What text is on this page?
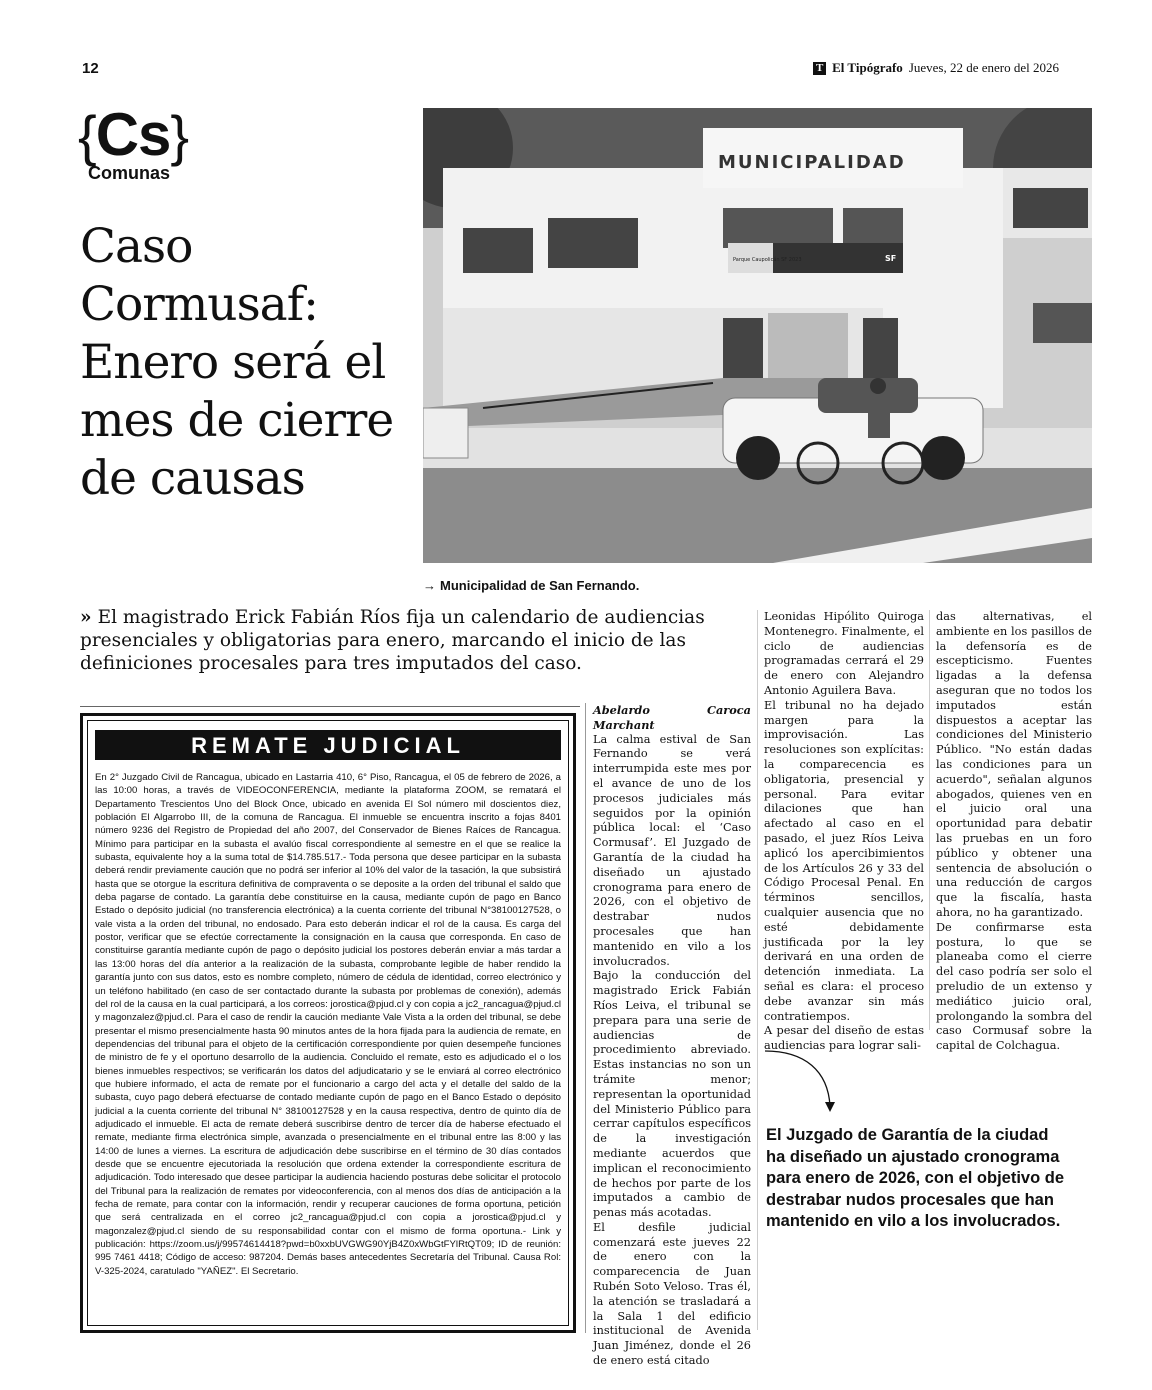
12	T El Tipógrafo Jueves, 22 de enero del 2026
{Cs}
Comunas
Caso Cormusaf: Enero será el mes de cierre de causas
MUNICIPALIDAD
Parque Caupolicán SF 2023	SF
→ Municipalidad de San Fernando.
» El magistrado Erick Fabián Ríos fija un calendario de audiencias presenciales y obligatorias para enero, marcando el inicio de las definiciones procesales para tres imputados del caso.
REMATE JUDICIAL
En 2° Juzgado Civil de Rancagua, ubicado en Lastarria 410, 6° Piso, Rancagua, el 05 de febrero de 2026, a las 10:00 horas, a través de VIDEOCONFERENCIA, mediante la plataforma ZOOM, se rematará el Departamento Trescientos Uno del Block Once, ubicado en avenida El Sol número mil doscientos diez, población El Algarrobo III, de la comuna de Rancagua. El inmueble se encuentra inscrito a fojas 8401 número 9236 del Registro de Propiedad del año 2007, del Conservador de Bienes Raíces de Rancagua. Mínimo para participar en la subasta el avalúo fiscal correspondiente al semestre en el que se realice la subasta, equivalente hoy a la suma total de $14.785.517.- Toda persona que desee participar en la subasta deberá rendir previamente caución que no podrá ser inferior al 10% del valor de la tasación, la que subsistirá hasta que se otorgue la escritura definitiva de compraventa o se deposite a la orden del tribunal el saldo que deba pagarse de contado. La garantía debe constituirse en la causa, mediante cupón de pago en Banco Estado o depósito judicial (no transferencia electrónica) a la cuenta corriente del tribunal N°38100127528, o vale vista a la orden del tribunal, no endosado. Para esto deberán indicar el rol de la causa. Es carga del postor, verificar que se efectúe correctamente la consignación en la causa que corresponda. En caso de constituirse garantía mediante cupón de pago o depósito judicial los postores deberán enviar a más tardar a las 13:00 horas del día anterior a la realización de la subasta, comprobante legible de haber rendido la garantía junto con sus datos, esto es nombre completo, número de cédula de identidad, correo electrónico y un teléfono habilitado (en caso de ser contactado durante la subasta por problemas de conexión), además del rol de la causa en la cual participará, a los correos: jorostica@pjud.cl y con copia a jc2_rancagua@pjud.cl y magonzalez@pjud.cl. Para el caso de rendir la caución mediante Vale Vista a la orden del tribunal, se debe presentar el mismo presencialmente hasta 90 minutos antes de la hora fijada para la audiencia de remate, en dependencias del tribunal para el objeto de la certificación correspondiente por quien desempeñe funciones de ministro de fe y el oportuno desarrollo de la audiencia. Concluido el remate, esto es adjudicado el o los bienes inmuebles respectivos; se verificarán los datos del adjudicatario y se le enviará al correo electrónico que hubiere informado, el acta de remate por el funcionario a cargo del acta y el detalle del saldo de la subasta, cuyo pago deberá efectuarse de contado mediante cupón de pago en el Banco Estado o depósito judicial a la cuenta corriente del tribunal N° 38100127528 y en la causa respectiva, dentro de quinto día de adjudicado el inmueble. El acta de remate deberá suscribirse dentro de tercer día de haberse efectuado el remate, mediante firma electrónica simple, avanzada o presencialmente en el tribunal entre las 8:00 y las 14:00 de lunes a viernes. La escritura de adjudicación debe suscribirse en el término de 30 días contados desde que se encuentre ejecutoriada la resolución que ordena extender la correspondiente escritura de adjudicación. Todo interesado que desee participar la audiencia haciendo posturas debe solicitar el protocolo del Tribunal para la realización de remates por videoconferencia, con al menos dos días de anticipación a la fecha de remate, para contar con la información, rendir y recuperar cauciones de forma oportuna, petición que será centralizada en el correo jc2_rancagua@pjud.cl con copia a jorostica@pjud.cl y magonzalez@pjud.cl siendo de su responsabilidad contar con el mismo de forma oportuna.- Link y publicación: https://zoom.us/j/99574614418?pwd=b0xxbUVGWG90YjB4Z0xWbGtFYlRtQT09; ID de reunión: 995 7461 4418; Código de acceso: 987204. Demás bases antecedentes Secretaría del Tribunal. Causa Rol: V-325-2024, caratulado "YAÑEZ". El Secretario.

Abelardo Caroca Marchant

La calma estival de San Fernando se verá interrumpida este mes por el avance de uno de los procesos judiciales más seguidos por la opinión pública local: el ‘Caso Cormusaf’. El Juzgado de Garantía de la ciudad ha diseñado un ajustado cronograma para enero de 2026, con el objetivo de destrabar nudos procesales que han mantenido en vilo a los involucrados.

Bajo la conducción del magistrado Erick Fabián Ríos Leiva, el tribunal se prepara para una serie de audiencias de procedimiento abreviado. Estas instancias no son un trámite menor; representan la oportunidad del Ministerio Público para cerrar capítulos específicos de la investigación mediante acuerdos que implican el reconocimiento de hechos por parte de los imputados a cambio de penas más acotadas.

El desfile judicial comenzará este jueves 22 de enero con la comparecencia de Juan Rubén Soto Veloso. Tras él, la atención se trasladará a la Sala 1 del edificio institucional de Avenida Juan Jiménez, donde el 26 de enero está citado

Leonidas Hipólito Quiroga Montenegro. Finalmente, el ciclo de audiencias programadas cerrará el 29 de enero con Alejandro Antonio Aguilera Bava.

El tribunal no ha dejado margen para la improvisación. Las resoluciones son explícitas: la comparecencia es obligatoria, presencial y personal. Para evitar dilaciones que han afectado al caso en el pasado, el juez Ríos Leiva aplicó los apercibimientos de los Artículos 26 y 33 del Código Procesal Penal. En términos sencillos, cualquier ausencia que no esté debidamente justificada por la ley derivará en una orden de detención inmediata. La señal es clara: el proceso debe avanzar sin más contratiempos.

A pesar del diseño de estas audiencias para lograr sali-

das alternativas, el ambiente en los pasillos de la defensoría es de escepticismo. Fuentes ligadas a la defensa aseguran que no todos los imputados están dispuestos a aceptar las condiciones del Ministerio Público. "No están dadas las condiciones para un acuerdo", señalan algunos abogados, quienes ven en el juicio oral una oportunidad para debatir las pruebas en un foro público y obtener una sentencia de absolución o una reducción de cargos que la fiscalía, hasta ahora, no ha garantizado.

De confirmarse esta postura, lo que se planeaba como el cierre del caso podría ser solo el preludio de un extenso y mediático juicio oral, prolongando la sombra del caso Cormusaf sobre la capital de Colchagua.

El Juzgado de Garantía de la ciudad ha diseñado un ajustado cronograma para enero de 2026, con el objetivo de destrabar nudos procesales que han mantenido en vilo a los involucrados.
